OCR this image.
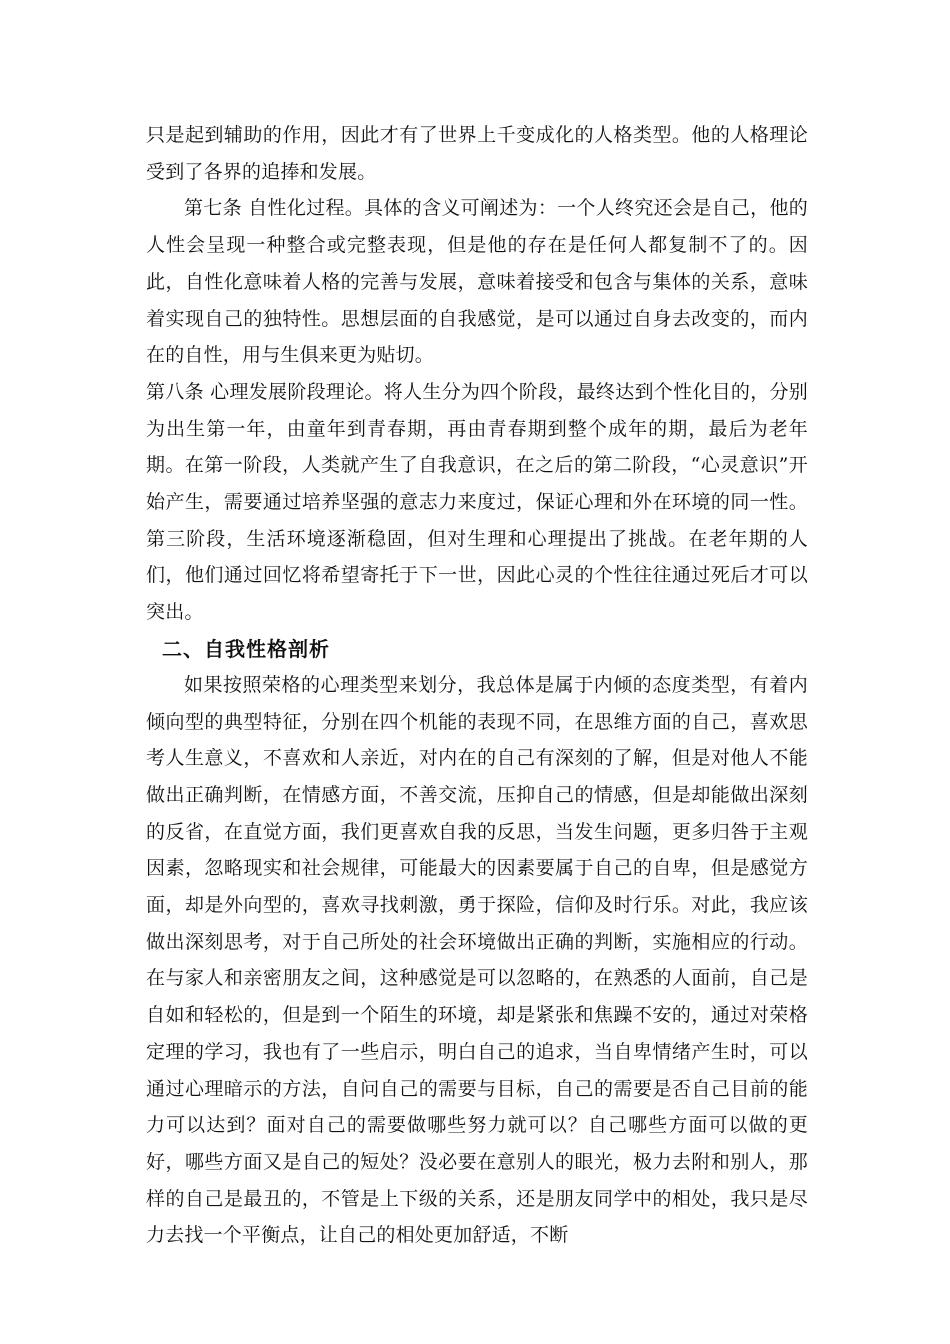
只是起到辅助的作用，因此才有了世界上千变成化的人格类型。他的人格理论受到了各界的追捧和发展。

第七条 自性化过程。具体的含义可阐述为：一个人终究还会是自己，他的人性会呈现一种整合或完整表现，但是他的存在是任何人都复制不了的。因此，自性化意味着人格的完善与发展，意味着接受和包含与集体的关系，意味着实现自己的独特性。思想层面的自我感觉，是可以通过自身去改变的，而内在的自性，用与生俱来更为贴切。

第八条 心理发展阶段理论。将人生分为四个阶段，最终达到个性化目的，分别为出生第一年，由童年到青春期，再由青春期到整个成年的期，最后为老年期。在第一阶段，人类就产生了自我意识，在之后的第二阶段，“心灵意识”开始产生，需要通过培养坚强的意志力来度过，保证心理和外在环境的同一性。第三阶段，生活环境逐渐稳固，但对生理和心理提出了挑战。在老年期的人们，他们通过回忆将希望寄托于下一世，因此心灵的个性往往通过死后才可以突出。

二、自我性格剖析

如果按照荣格的心理类型来划分，我总体是属于内倾的态度类型，有着内倾向型的典型特征，分别在四个机能的表现不同，在思维方面的自己，喜欢思考人生意义，不喜欢和人亲近，对内在的自己有深刻的了解，但是对他人不能做出正确判断，在情感方面，不善交流，压抑自己的情感，但是却能做出深刻的反省，在直觉方面，我们更喜欢自我的反思，当发生问题，更多归咎于主观因素，忽略现实和社会规律，可能最大的因素要属于自己的自卑，但是感觉方面，却是外向型的，喜欢寻找刺激，勇于探险，信仰及时行乐。对此，我应该做出深刻思考，对于自己所处的社会环境做出正确的判断，实施相应的行动。在与家人和亲密朋友之间，这种感觉是可以忽略的，在熟悉的人面前，自己是自如和轻松的，但是到一个陌生的环境，却是紧张和焦躁不安的，通过对荣格定理的学习，我也有了一些启示，明白自己的追求，当自卑情绪产生时，可以通过心理暗示的方法，自问自己的需要与目标，自己的需要是否自己目前的能力可以达到？面对自己的需要做哪些努力就可以？自己哪些方面可以做的更好，哪些方面又是自己的短处？没必要在意别人的眼光，极力去附和别人，那样的自己是最丑的，不管是上下级的关系，还是朋友同学中的相处，我只是尽力去找一个平衡点，让自己的相处更加舒适，不断
